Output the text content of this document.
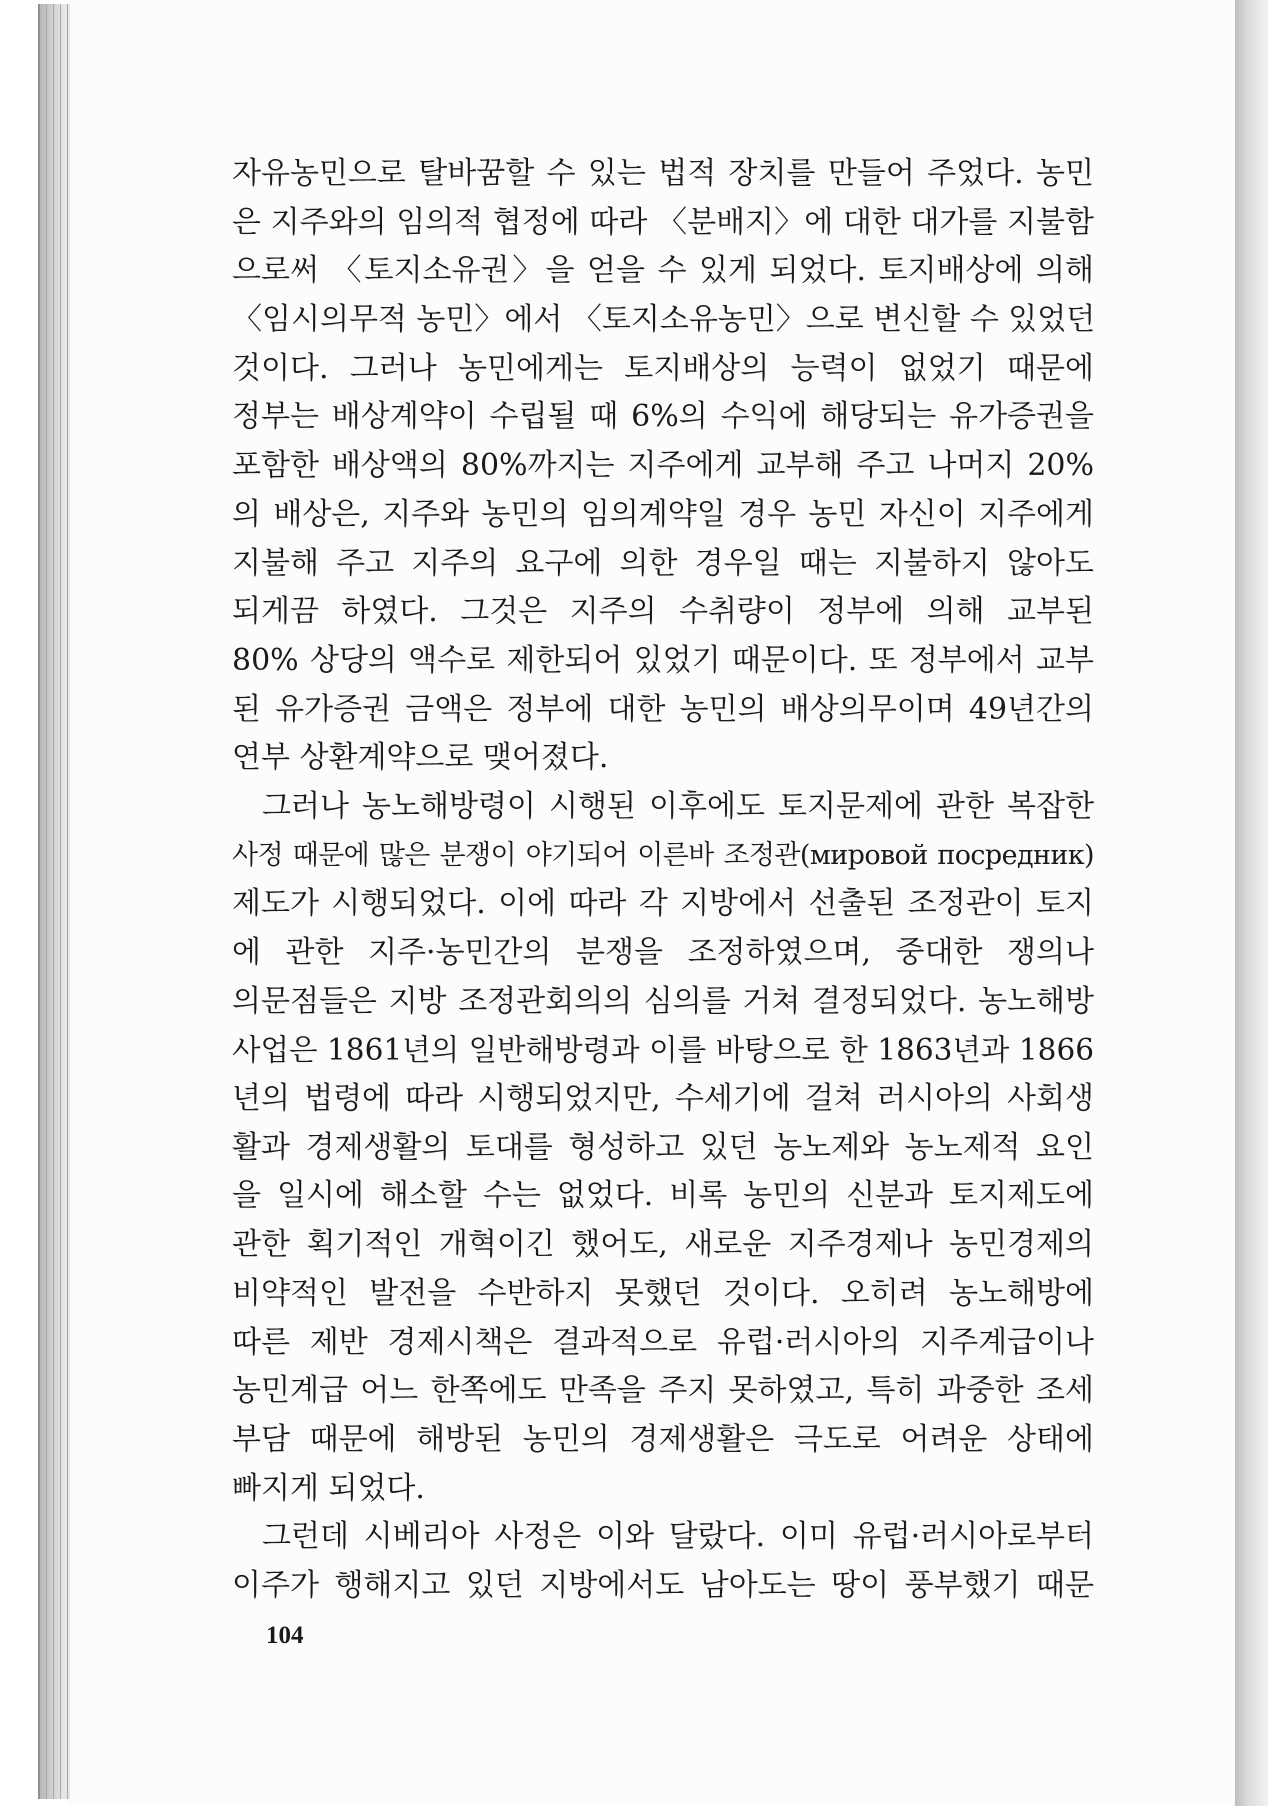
자유농민으로 탈바꿈할 수 있는 법적 장치를 만들어 주었다. 농민
은 지주와의 임의적 협정에 따라 〈분배지〉에 대한 대가를 지불함
으로써 〈토지소유권〉을 얻을 수 있게 되었다. 토지배상에 의해
〈임시의무적 농민〉에서 〈토지소유농민〉으로 변신할 수 있었던
것이다. 그러나 농민에게는 토지배상의 능력이 없었기 때문에
정부는 배상계약이 수립될 때 6%의 수익에 해당되는 유가증권을
포함한 배상액의 80%까지는 지주에게 교부해 주고 나머지 20%
의 배상은, 지주와 농민의 임의계약일 경우 농민 자신이 지주에게
지불해 주고 지주의 요구에 의한 경우일 때는 지불하지 않아도
되게끔 하였다. 그것은 지주의 수취량이 정부에 의해 교부된
80% 상당의 액수로 제한되어 있었기 때문이다. 또 정부에서 교부
된 유가증권 금액은 정부에 대한 농민의 배상의무이며 49년간의
연부 상환계약으로 맺어졌다.
그러나 농노해방령이 시행된 이후에도 토지문제에 관한 복잡한
사정 때문에 많은 분쟁이 야기되어 이른바 조정관(мировой посредник)
제도가 시행되었다. 이에 따라 각 지방에서 선출된 조정관이 토지
에 관한 지주·농민간의 분쟁을 조정하였으며, 중대한 쟁의나
의문점들은 지방 조정관회의의 심의를 거쳐 결정되었다. 농노해방
사업은 1861년의 일반해방령과 이를 바탕으로 한 1863년과 1866
년의 법령에 따라 시행되었지만, 수세기에 걸쳐 러시아의 사회생
활과 경제생활의 토대를 형성하고 있던 농노제와 농노제적 요인
을 일시에 해소할 수는 없었다. 비록 농민의 신분과 토지제도에
관한 획기적인 개혁이긴 했어도, 새로운 지주경제나 농민경제의
비약적인 발전을 수반하지 못했던 것이다. 오히려 농노해방에
따른 제반 경제시책은 결과적으로 유럽·러시아의 지주계급이나
농민계급 어느 한쪽에도 만족을 주지 못하였고, 특히 과중한 조세
부담 때문에 해방된 농민의 경제생활은 극도로 어려운 상태에
빠지게 되었다.
그런데 시베리아 사정은 이와 달랐다. 이미 유럽·러시아로부터
이주가 행해지고 있던 지방에서도 남아도는 땅이 풍부했기 때문
104
